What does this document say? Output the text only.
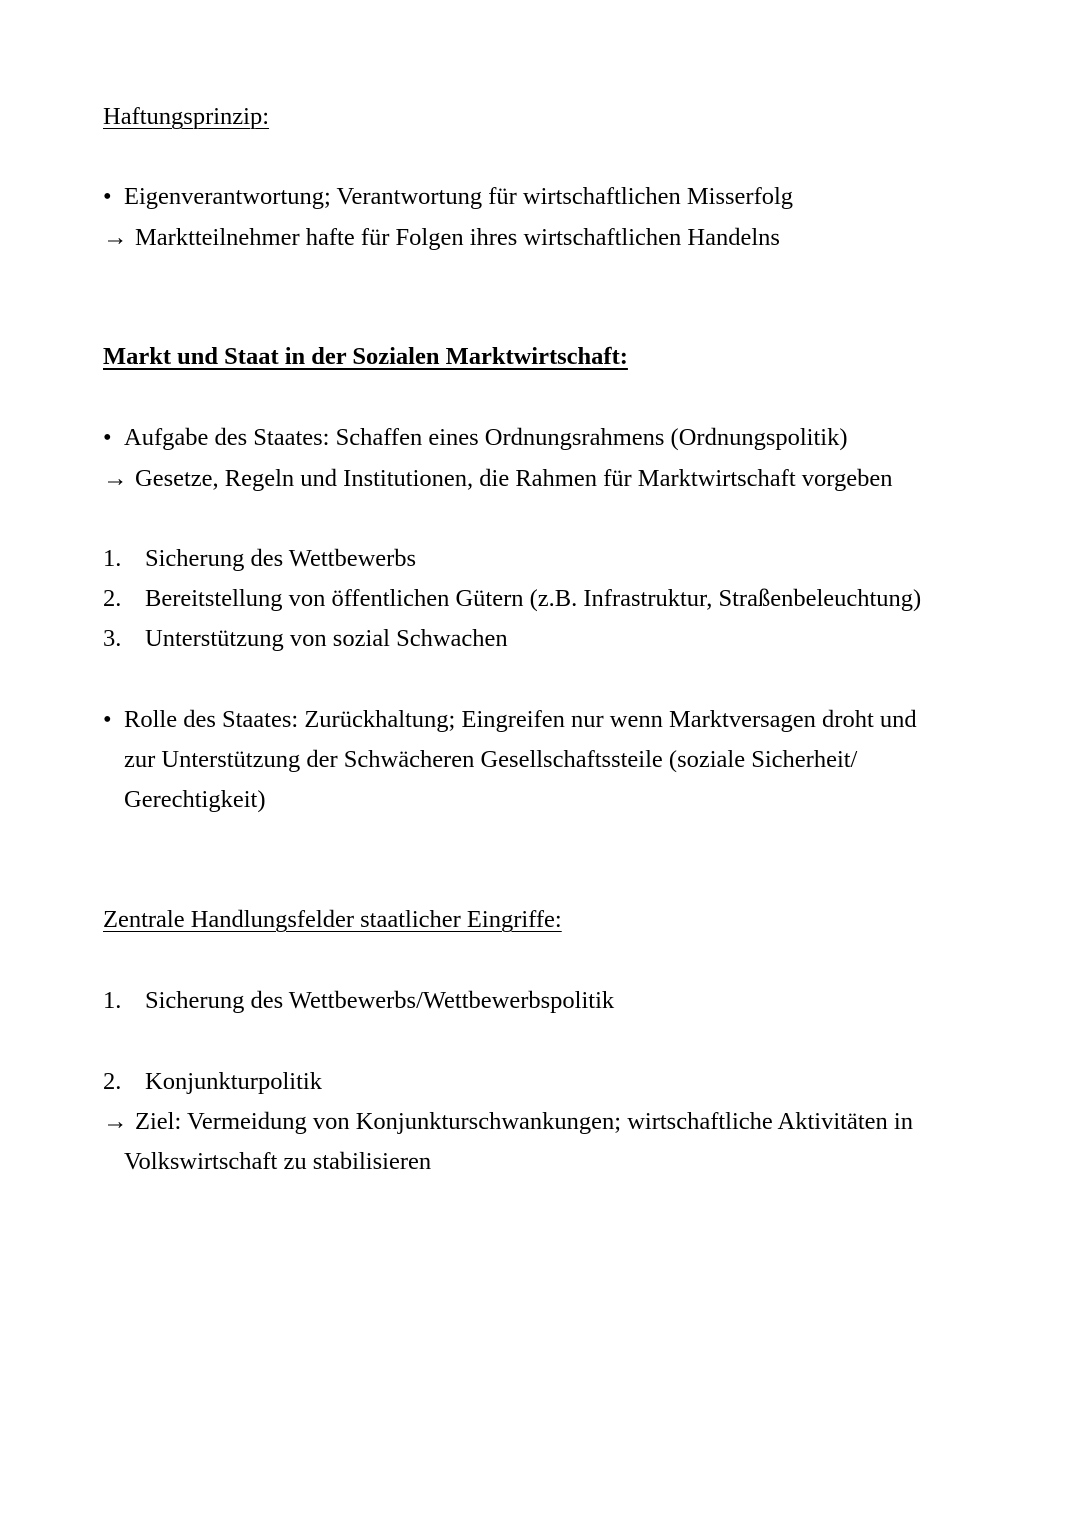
Haftungsprinzip:
• Eigenverantwortung; Verantwortung für wirtschaftlichen Misserfolg
→ Marktteilnehmer hafte für Folgen ihres wirtschaftlichen Handelns
Markt und Staat in der Sozialen Marktwirtschaft:
• Aufgabe des Staates: Schaffen eines Ordnungsrahmens (Ordnungspolitik)
→ Gesetze, Regeln und Institutionen, die Rahmen für Marktwirtschaft vorgeben
1. Sicherung des Wettbewerbs
2. Bereitstellung von öffentlichen Gütern (z.B. Infrastruktur, Straßenbeleuchtung)
3. Unterstützung von sozial Schwachen
• Rolle des Staates: Zurückhaltung; Eingreifen nur wenn Marktversagen droht und
zur Unterstützung der Schwächeren Gesellschaftssteile (soziale Sicherheit/
Gerechtigkeit)
Zentrale Handlungsfelder staatlicher Eingriffe:
1. Sicherung des Wettbewerbs/Wettbewerbspolitik
2. Konjunkturpolitik
→ Ziel: Vermeidung von Konjunkturschwankungen; wirtschaftliche Aktivitäten in
Volkswirtschaft zu stabilisieren
